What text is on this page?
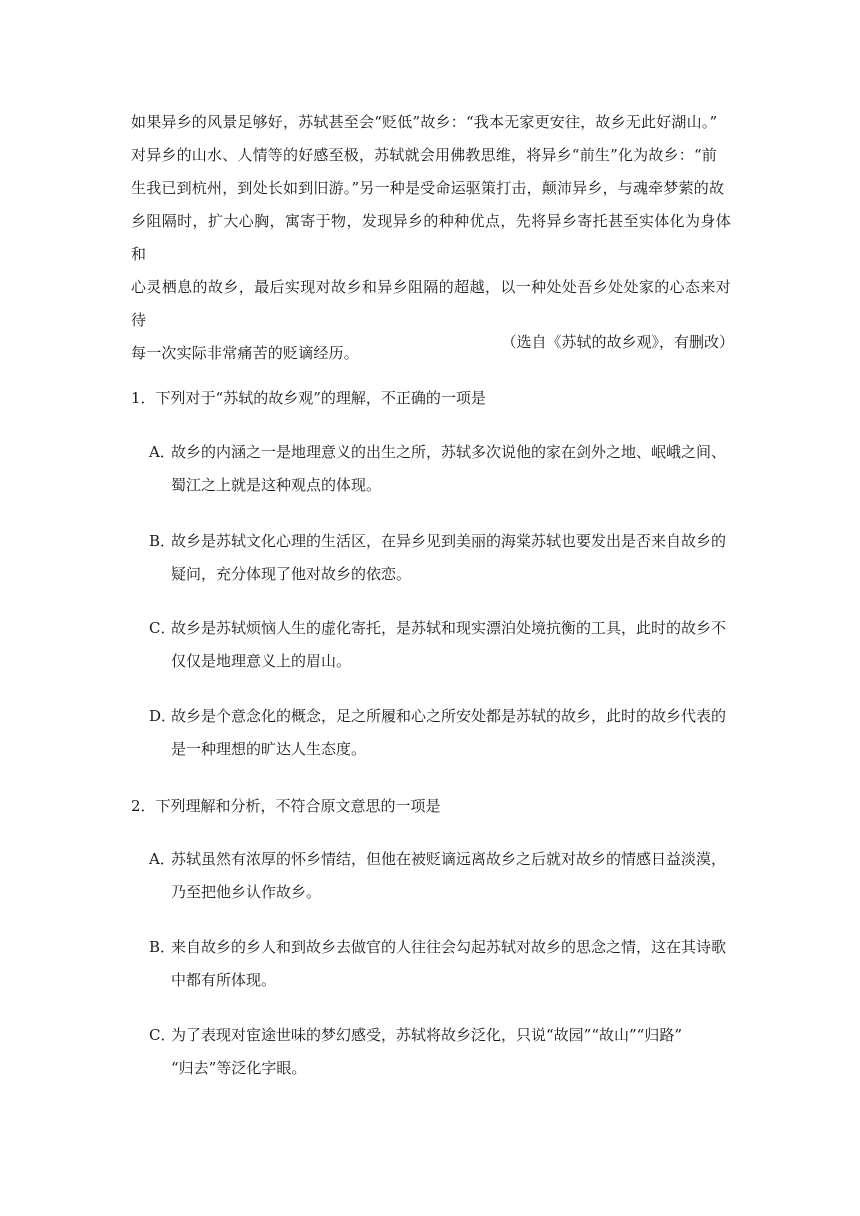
如果异乡的风景足够好，苏轼甚至会“贬低”故乡：“我本无家更安往，故乡无此好湖山。”
对异乡的山水、人情等的好感至极，苏轼就会用佛教思维，将异乡“前生”化为故乡：“前
生我已到杭州，到处长如到旧游。”另一种是受命运驱策打击，颠沛异乡，与魂牵梦萦的故
乡阻隔时，扩大心胸，寓寄于物，发现异乡的种种优点，先将异乡寄托甚至实体化为身体和
心灵栖息的故乡，最后实现对故乡和异乡阻隔的超越，以一种处处吾乡处处家的心态来对待
每一次实际非常痛苦的贬谪经历。

（选自《苏轼的故乡观》，有删改）

1．下列对于“苏轼的故乡观”的理解，不正确的一项是

A．故乡的内涵之一是地理意义的出生之所，苏轼多次说他的家在剑外之地、岷峨之间、
蜀江之上就是这种观点的体现。
B．故乡是苏轼文化心理的生活区，在异乡见到美丽的海棠苏轼也要发出是否来自故乡的
疑问，充分体现了他对故乡的依恋。
C．故乡是苏轼烦恼人生的虚化寄托，是苏轼和现实漂泊处境抗衡的工具，此时的故乡不
仅仅是地理意义上的眉山。
D．故乡是个意念化的概念，足之所履和心之所安处都是苏轼的故乡，此时的故乡代表的
是一种理想的旷达人生态度。

2．下列理解和分析，不符合原文意思的一项是

A．苏轼虽然有浓厚的怀乡情结，但他在被贬谪远离故乡之后就对故乡的情感日益淡漠，
乃至把他乡认作故乡。
B．来自故乡的乡人和到故乡去做官的人往往会勾起苏轼对故乡的思念之情，这在其诗歌
中都有所体现。
C．为了表现对宦途世味的梦幻感受，苏轼将故乡泛化，只说“故园”“故山”“归路”
“归去”等泛化字眼。
